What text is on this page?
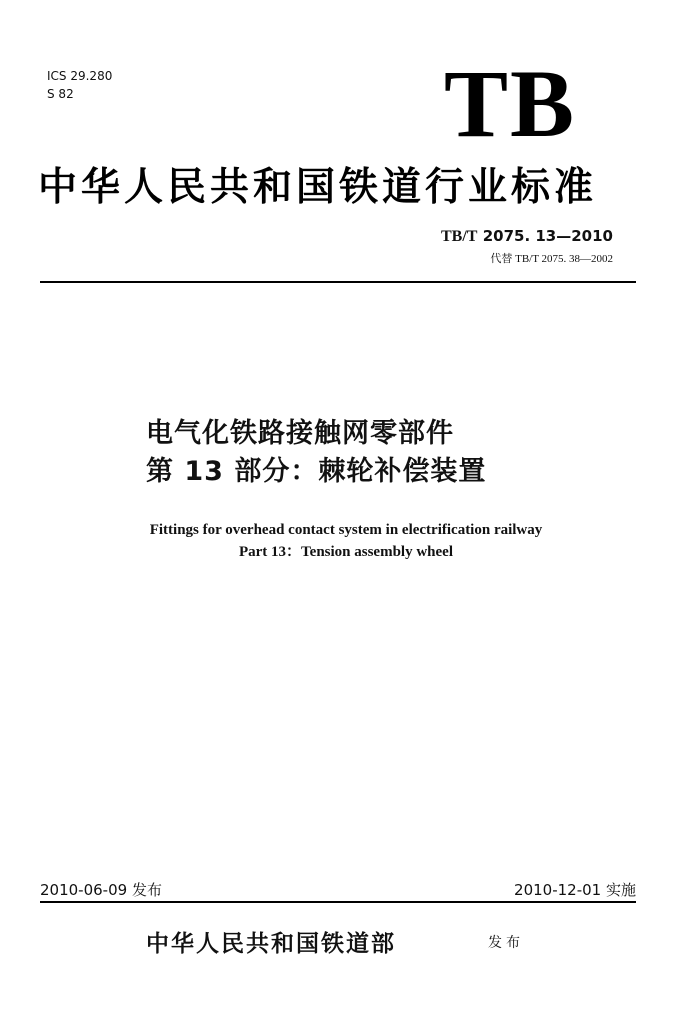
ICS 29.280
S 82	TB
中华人民共和国铁道行业标准
TB/T 2075. 13—2010
代替 TB/T 2075. 38—2002
电气化铁路接触网零部件
第 13 部分：棘轮补偿装置
Fittings for overhead contact system in electrification railway
Part 13：Tension assembly wheel
2010-06-09 发布	2010-12-01 实施
中华人民共和国铁道部	发布
